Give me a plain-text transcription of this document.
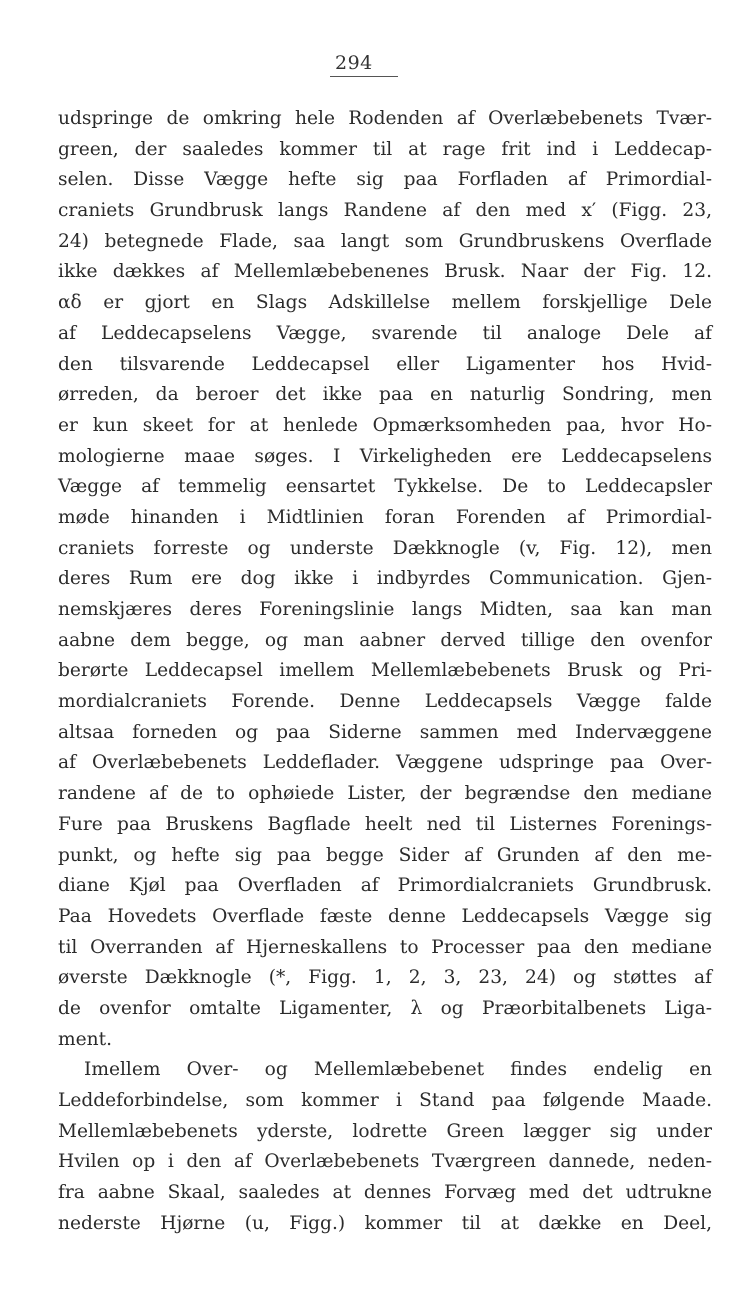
294
udspringe de omkring hele Rodenden af Overlæbebenets Tvær-
green, der saaledes kommer til at rage frit ind i Leddecap-
selen. Disse Vægge hefte sig paa Forfladen af Primordial-
craniets Grundbrusk langs Randene af den med x′ (Figg. 23,
24) betegnede Flade, saa langt som Grundbruskens Overflade
ikke dækkes af Mellemlæbebenenes Brusk. Naar der Fig. 12.
αδ er gjort en Slags Adskillelse mellem forskjellige Dele
af Leddecapselens Vægge, svarende til analoge Dele af
den tilsvarende Leddecapsel eller Ligamenter hos Hvid-
ørreden, da beroer det ikke paa en naturlig Sondring, men
er kun skeet for at henlede Opmærksomheden paa, hvor Ho-
mologierne maae søges. I Virkeligheden ere Leddecapselens
Vægge af temmelig eensartet Tykkelse. De to Leddecapsler
møde hinanden i Midtlinien foran Forenden af Primordial-
craniets forreste og underste Dækknogle (v, Fig. 12), men
deres Rum ere dog ikke i indbyrdes Communication. Gjen-
nemskjæres deres Foreningslinie langs Midten, saa kan man
aabne dem begge, og man aabner derved tillige den ovenfor
berørte Leddecapsel imellem Mellemlæbebenets Brusk og Pri-
mordialcraniets Forende. Denne Leddecapsels Vægge falde
altsaa forneden og paa Siderne sammen med Indervæggene
af Overlæbebenets Leddeflader. Væggene udspringe paa Over-
randene af de to ophøiede Lister, der begrændse den mediane
Fure paa Bruskens Bagflade heelt ned til Listernes Forenings-
punkt, og hefte sig paa begge Sider af Grunden af den me-
diane Kjøl paa Overfladen af Primordialcraniets Grundbrusk.
Paa Hovedets Overflade fæste denne Leddecapsels Vægge sig
til Overranden af Hjerneskallens to Processer paa den mediane
øverste Dækknogle (*, Figg. 1, 2, 3, 23, 24) og støttes af
de ovenfor omtalte Ligamenter, λ og Præorbitalbenets Liga-
ment.
Imellem Over- og Mellemlæbebenet findes endelig en
Leddeforbindelse, som kommer i Stand paa følgende Maade.
Mellemlæbebenets yderste, lodrette Green lægger sig under
Hvilen op i den af Overlæbebenets Tværgreen dannede, neden-
fra aabne Skaal, saaledes at dennes Forvæg med det udtrukne
nederste Hjørne (u, Figg.) kommer til at dække en Deel,
